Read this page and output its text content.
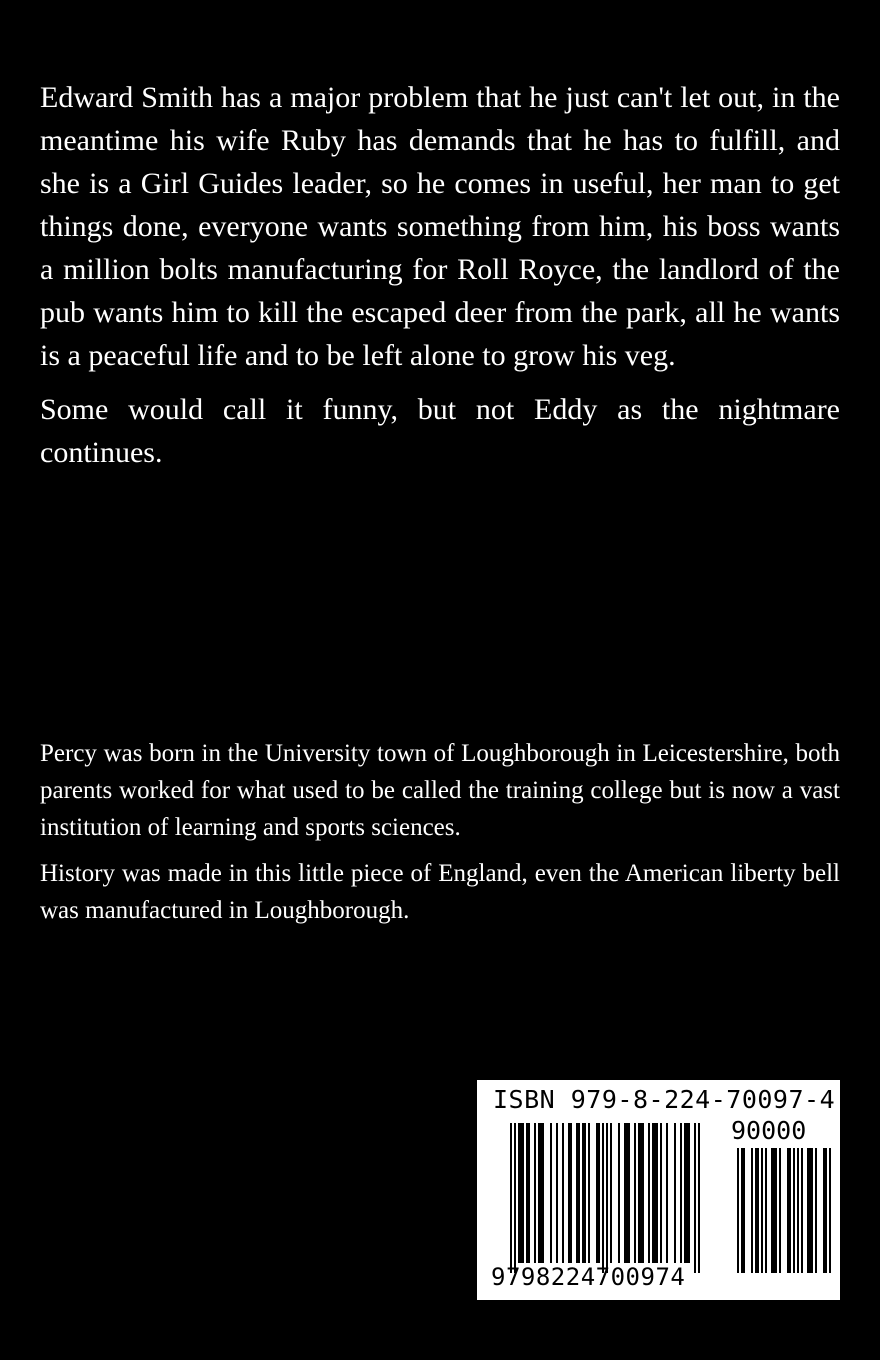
Edward Smith has a major problem that he just can't let out, in the meantime his wife Ruby has demands that he has to fulfill, and she is a Girl Guides leader, so he comes in useful, her man to get things done, everyone wants something from him, his boss wants a million bolts manufacturing for Roll Royce, the landlord of the pub wants him to kill the escaped deer from the park, all he wants is a peaceful life and to be left alone to grow his veg.

Some would call it funny, but not Eddy as the nightmare continues.

Percy was born in the University town of Loughborough in Leicestershire, both parents worked for what used to be called the training college but is now a vast institution of learning and sports sciences.

History was made in this little piece of England, even the American liberty bell was manufactured in Loughborough.

ISBN 979-8-224-70097-4
90000
9798224700974
